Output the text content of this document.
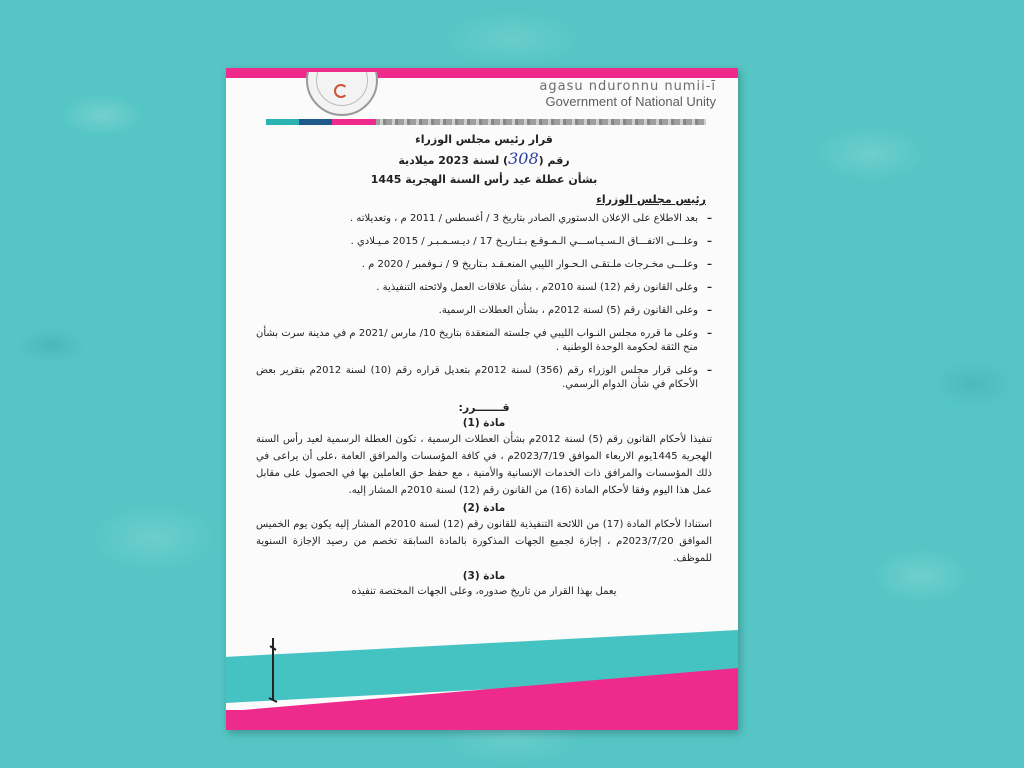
agasu nduronnu numii-ī
Government of National Unity
قرار رئيس مجلس الوزراء
رقم (308) لسنة 2023 ميلادية
بشأن عطلة عيد رأس السنة الهجرية 1445
رئيس مجلس الوزراء
– بعد الاطلاع على الإعلان الدستوري الصادر بتاريخ 3 / أغسطس / 2011 م ، وتعديلاته .
– وعلـــى الاتفـــاق الـسـيـاســـي الـمـوقـع بـتـاريـخ 17 / ديـسـمـبـر / 2015 مـيـلادي .
– وعلـــى مخـرجات ملـتقـى الـحـوار الليبي المنعـقـد بـتاريخ 9 / نـوفمبر / 2020 م .
– وعلى القانون رقم (12) لسنة 2010م ، بشأن علاقات العمل ولائحته التنفيذية .
– وعلى القانون رقم (5) لسنة 2012م ، بشأن العطلات الرسمية.
– وعلى ما قرره مجلس النـواب الليبي في جلسته المنعقدة بتاريخ 10/ مارس /2021 م في مدينة سرت بشأن منح الثقة لحكومة الوحدة الوطنية .
– وعلى قرار مجلس الوزراء رقم (356) لسنة 2012م بتعديل قراره رقم (10) لسنة 2012م بتقرير بعض الأحكام في شأن الدوام الرسمي.
قـــــــرر:
مادة (1)
تنفيذا لأحكام القانون رقم (5) لسنة 2012م بشأن العطلات الرسمية ، تكون العطلة الرسمية لعيد رأس السنة الهجرية 1445يوم الاربعاء الموافق 2023/7/19م ، في كافة المؤسسات والمرافق العامة ،على أن يراعى في ذلك المؤسسات والمرافق ذات الخدمات الإنسانية والأمنية ، مع حفظ حق العاملين بها في الحصول على مقابل عمل هذا اليوم وفقا لأحكام المادة (16) من القانون رقم (12) لسنة 2010م المشار إليه.
مادة (2)
استنادا لأحكام المادة (17) من اللائحة التنفيذية للقانون رقم (12) لسنة 2010م المشار إليه يكون يوم الخميس الموافق 2023/7/20م ، إجازة لجميع الجهات المذكورة بالمادة السابقة تخصم من رصيد الإجازة السنوية للموظف.
مادة (3)
يعمل بهذا القرار من تاريخ صدوره، وعلى الجهات المختصة تنفيذه
